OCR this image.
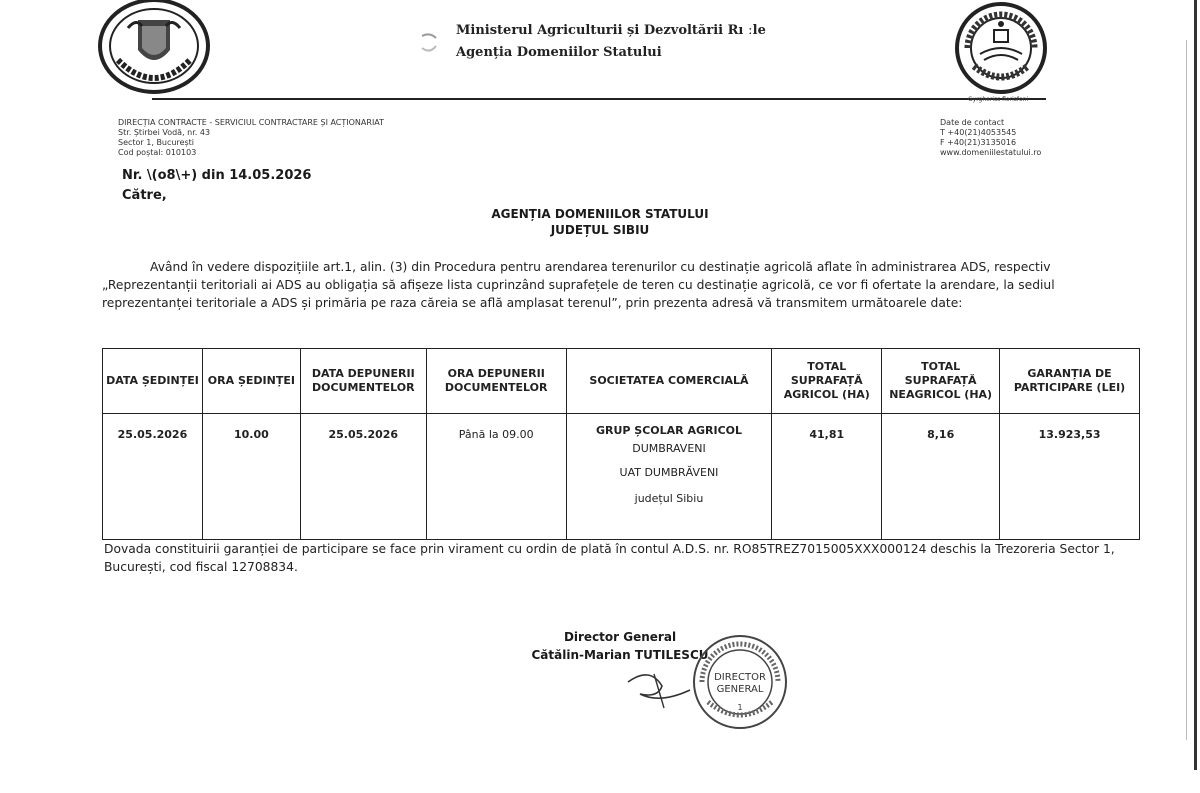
Ministerul Agriculturii și Dezvoltării Rı ːle
Agenția Domeniilor Statului
Gyrgheriss florisfoni
DIRECȚIA CONTRACTE - SERVICIUL CONTRACTARE ȘI ACȚIONARIAT
Str. Știrbei Vodă, nr. 43
Sector 1, București
Cod poștal: 010103
Date de contact
T +40(21)4053545
F +40(21)3135016
www.domeniilestatului.ro
Nr. \(o8\+) din 14.05.2026
Către,
AGENȚIA DOMENIILOR STATULUI
JUDEȚUL SIBIU
Având în vedere dispozițiile art.1, alin. (3) din Procedura pentru arendarea terenurilor cu destinație agricolă aflate în administrarea ADS, respectiv „Reprezentanții teritoriali ai ADS au obligația să afișeze lista cuprinzând suprafețele de teren cu destinație agricolă, ce vor fi ofertate la arendare, la sediul reprezentanței teritoriale a ADS și primăria pe raza căreia se află amplasat terenul”, prin prezenta adresă vă transmitem următoarele date:
DATA ȘEDINȚEI	ORA ȘEDINȚEI	DATA DEPUNERII DOCUMENTELOR	ORA DEPUNERII DOCUMENTELOR	SOCIETATEA COMERCIALĂ	TOTAL SUPRAFAȚĂ AGRICOL (HA)	TOTAL SUPRAFAȚĂ NEAGRICOL (HA)	GARANȚIA DE PARTICIPARE (LEI)
25.05.2026	10.00	25.05.2026	Până la 09.00	GRUP ȘCOLAR AGRICOL
DUMBRAVENI
UAT DUMBRĂVENI
județul Sibiu	41,81	8,16	13.923,53
Dovada constituirii garanției de participare se face prin virament cu ordin de plată în contul A.D.S. nr. RO85TREZ7015005XXX000124 deschis la Trezoreria Sector 1, București, cod fiscal 12708834.
Director General
Cătălin-Marian TUTILESCU
DIRECTOR
GENERAL
1
